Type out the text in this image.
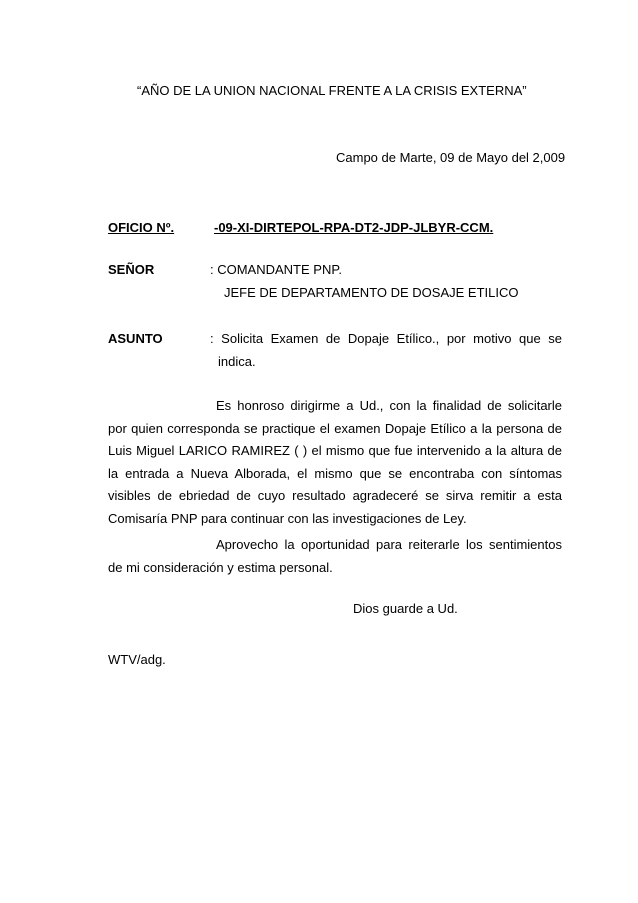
“AÑO DE LA UNION NACIONAL FRENTE A LA CRISIS EXTERNA”
Campo de Marte, 09 de Mayo del 2,009
OFICIO Nº.	-09-XI-DIRTEPOL-RPA-DT2-JDP-JLBYR-CCM.
SEÑOR	: COMANDANTE PNP.
JEFE DE DEPARTAMENTO DE DOSAJE ETILICO
ASUNTO	: Solicita Examen de Dopaje Etílico., por motivo que se
indica.
Es honroso dirigirme a Ud., con la finalidad de solicitarle por quien corresponda se practique el examen Dopaje Etílico a la persona de Luis Miguel LARICO RAMIREZ ( ) el mismo que fue intervenido a la altura de la entrada a Nueva Alborada, el mismo que se encontraba con síntomas visibles de ebriedad de cuyo resultado agradeceré se sirva remitir a esta Comisaría PNP para continuar con las investigaciones de Ley.
Aprovecho la oportunidad para reiterarle los sentimientos de mi consideración y estima personal.
Dios guarde a Ud.
WTV/adg.
